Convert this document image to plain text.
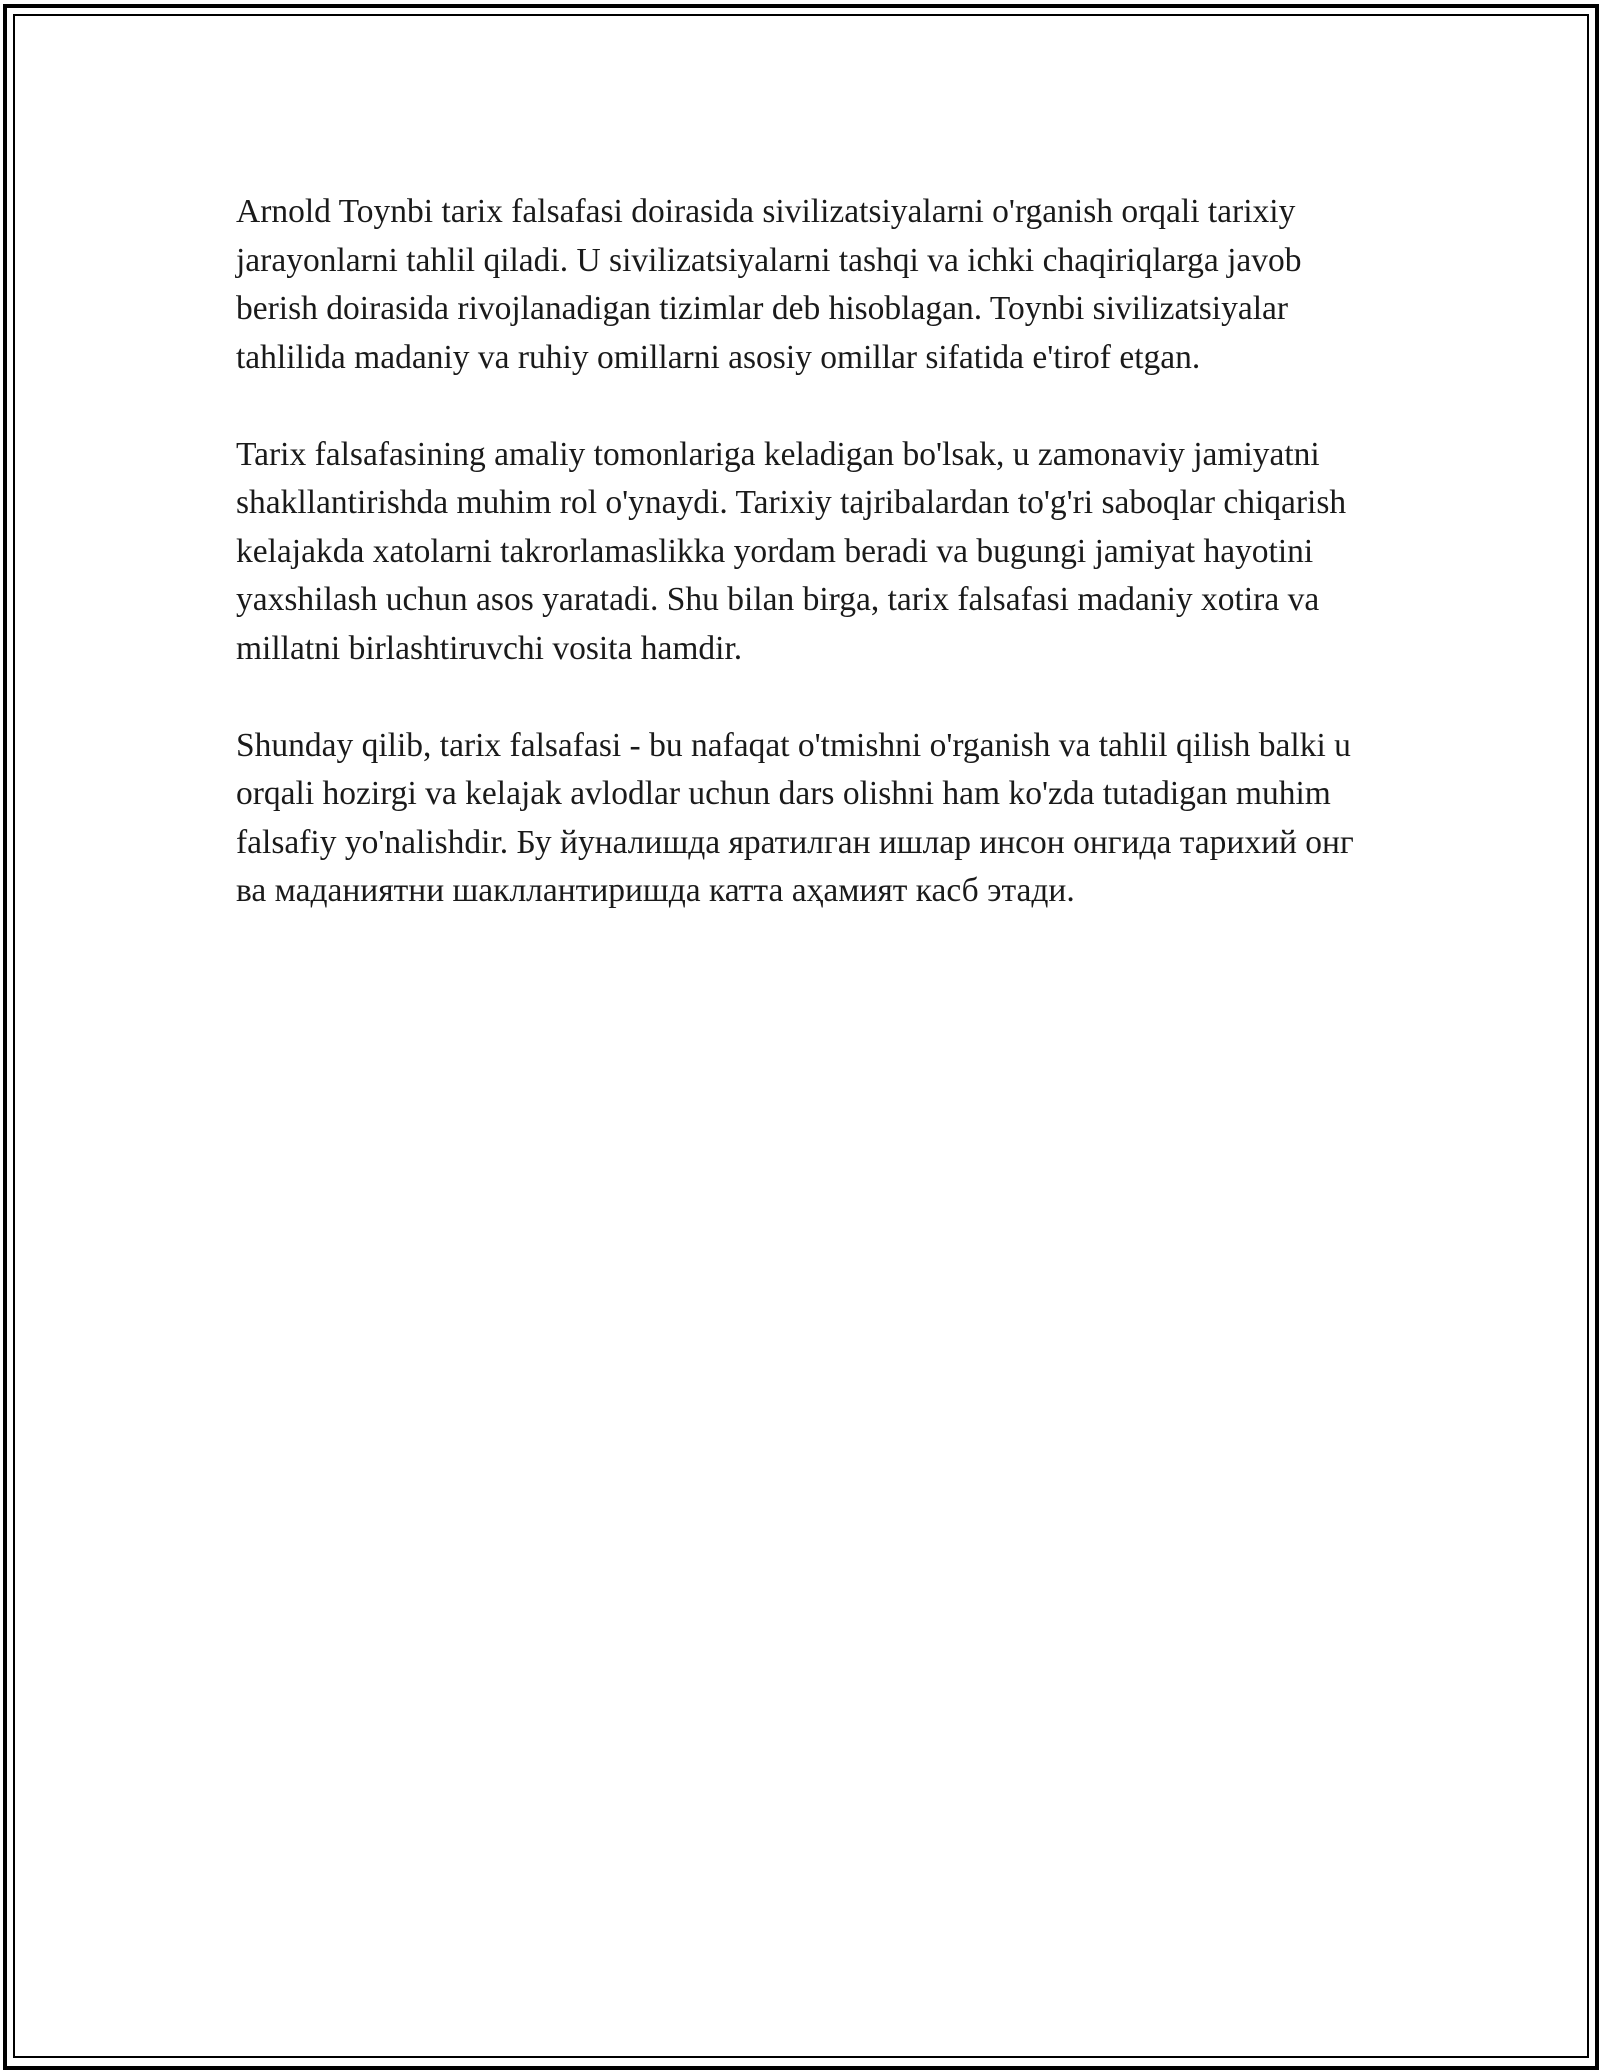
Arnold Toynbi tarix falsafasi doirasida sivilizatsiyalarni o'rganish orqali tarixiy jarayonlarni tahlil qiladi. U sivilizatsiyalarni tashqi va ichki chaqiriqlarga javob berish doirasida rivojlanadigan tizimlar deb hisoblagan. Toynbi sivilizatsiyalar tahlilida madaniy va ruhiy omillarni asosiy omillar sifatida e'tirof etgan.

Tarix falsafasining amaliy tomonlariga keladigan bo'lsak, u zamonaviy jamiyatni shakllantirishda muhim rol o'ynaydi. Tarixiy tajribalardan to'g'ri saboqlar chiqarish kelajakda xatolarni takrorlamaslikka yordam beradi va bugungi jamiyat hayotini yaxshilash uchun asos yaratadi. Shu bilan birga, tarix falsafasi madaniy xotira va millatni birlashtiruvchi vosita hamdir.

Shunday qilib, tarix falsafasi - bu nafaqat o'tmishni o'rganish va tahlil qilish balki u orqali hozirgi va kelajak avlodlar uchun dars olishni ham ko'zda tutadigan muhim falsafiy yo'nalishdir. Бу йуналишда яратилган ишлар инсон онгида тарихий онг ва маданиятни шакллантиришда катта аҳамият касб этади.
